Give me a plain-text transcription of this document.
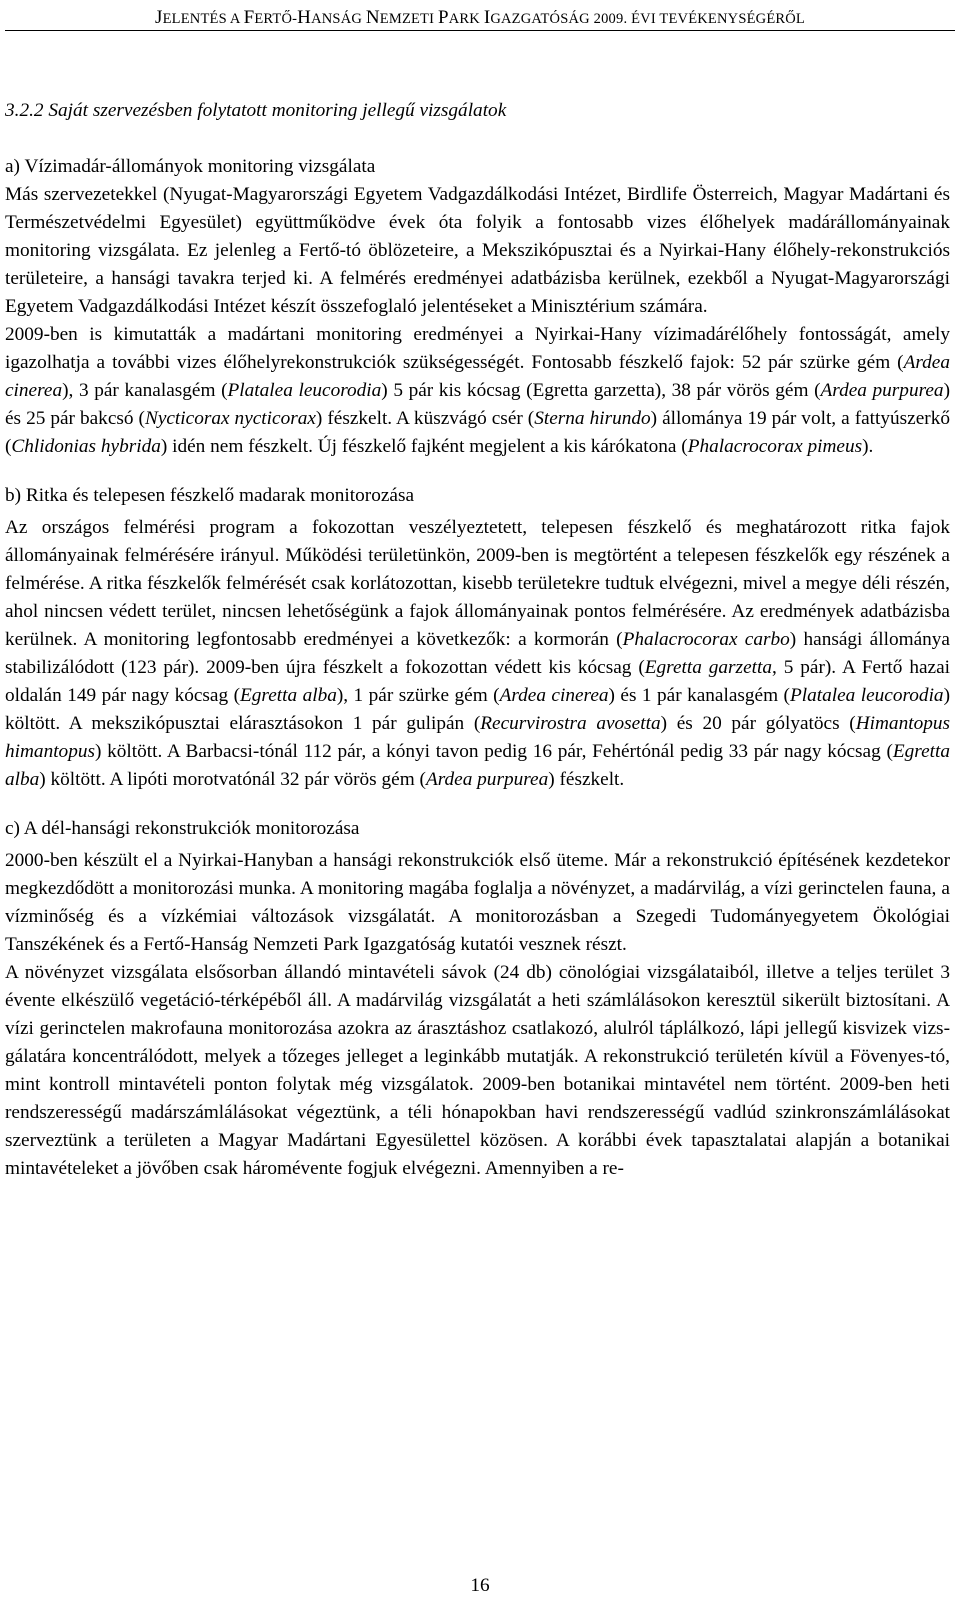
JELENTÉS A FERTŐ-HANSÁG NEMZETI PARK IGAZGATÓSÁG 2009. ÉVI TEVÉKENYSÉGÉRŐL

3.2.2 Saját szervezésben folytatott monitoring jellegű vizsgálatok

a) Vízimadár-állományok monitoring vizsgálata

Más szervezetekkel (Nyugat-Magyarországi Egyetem Vadgazdálkodási Intézet, Birdlife Österreich, Magyar Madártani és Természetvédelmi Egyesület) együttműködve évek óta folyik a fontosabb vizes élőhelyek madárállományainak monitoring vizsgálata. Ez jelenleg a Fertő-tó öblözeteire, a Mekszikópusztai és a Nyirkai-Hany élőhely-rekonstrukciós területeire, a hansági tavakra terjed ki. A felmérés eredményei adatbázisba kerülnek, ezekből a Nyugat-Magyarországi Egyetem Vadgazdálkodási Intézet készít összefoglaló jelentéseket a Minisztérium számára.

2009-ben is kimutatták a madártani monitoring eredményei a Nyirkai-Hany vízimadárélőhely fontosságát, amely igazolhatja a további vizes élőhelyrekonstrukciók szükségességét. Fontosabb fészkelő fajok: 52 pár szürke gém (Ardea cinerea), 3 pár kanalasgém (Platalea leucorodia) 5 pár kis kócsag (Egretta garzetta), 38 pár vörös gém (Ardea purpurea) és 25 pár bakcsó (Nycticorax nycticorax) fészkelt. A küszvágó csér (Sterna hirundo) állománya 19 pár volt, a fattyúszerkő (Chlidonias hybrida) idén nem fészkelt. Új fészkelő fajként megjelent a kis kárókatona (Phalacrocorax pimeus).

b) Ritka és telepesen fészkelő madarak monitorozása

Az országos felmérési program a fokozottan veszélyeztetett, telepesen fészkelő és meghatározott ritka fajok állományainak felmérésére irányul. Működési területünkön, 2009-ben is megtörtént a telepesen fészkelők egy részének a felmérése. A ritka fészkelők felmérését csak korlátozottan, kisebb területekre tudtuk elvégezni, mivel a megye déli részén, ahol nincsen védett terület, nincsen lehetőségünk a fajok állományainak pontos felmérésére. Az eredmények adatbázisba kerülnek. A monitoring legfontosabb eredményei a következők: a kormorán (Phalacrocorax carbo) hansági állománya stabilizálódott (123 pár). 2009-ben újra fészkelt a fokozottan védett kis kócsag (Egretta garzetta, 5 pár). A Fertő hazai oldalán 149 pár nagy kócsag (Egretta alba), 1 pár szürke gém (Ardea cinerea) és 1 pár kanalasgém (Platalea leucorodia) költött. A mekszikópusztai elárasztásokon 1 pár gulipán (Recurvirostra avosetta) és 20 pár gólyatöcs (Himantopus himantopus) költött. A Barbacsi-tónál 112 pár, a kónyi tavon pedig 16 pár, Fehértónál pedig 33 pár nagy kócsag (Egretta alba) költött. A lipóti morotvatónál 32 pár vörös gém (Ardea purpurea) fészkelt.

c) A dél-hansági rekonstrukciók monitorozása

2000-ben készült el a Nyirkai-Hanyban a hansági rekonstrukciók első üteme. Már a rekonstrukció építésének kezdetekor megkezdődött a monitorozási munka. A monitoring magába foglalja a növényzet, a madárvilág, a vízi gerinctelen fauna, a vízminőség és a vízkémiai változások vizsgálatát. A monitorozásban a Szegedi Tudományegyetem Ökológiai Tanszékének és a Fertő-Hanság Nemzeti Park Igazgatóság kutatói vesznek részt.

A növényzet vizsgálata elsősorban állandó mintavételi sávok (24 db) cönológiai vizsgálataiból, illetve a teljes terület 3 évente elkészülő vegetáció-térképéből áll. A madárvilág vizsgálatát a heti számlálásokon keresztül sikerült biztosítani. A vízi gerinctelen makrofauna monitorozása azokra az árasztáshoz csatlakozó, alulról táplálkozó, lápi jellegű kisvizek vizsgálatára koncentrálódott, melyek a tőzeges jelleget a leginkább mutatják. A rekonstrukció területén kívül a Fövenyes-tó, mint kontroll mintavételi ponton folytak még vizsgálatok. 2009-ben botanikai mintavétel nem történt. 2009-ben heti rendszerességű madárszámlálásokat végeztünk, a téli hónapokban havi rendszerességű vadlúd szinkronszámlálásokat szerveztünk a területen a Magyar Madártani Egyesülettel közösen. A korábbi évek tapasztalatai alapján a botanikai mintavételeket a jövőben csak háromévente fogjuk elvégezni. Amennyiben a re-

16
